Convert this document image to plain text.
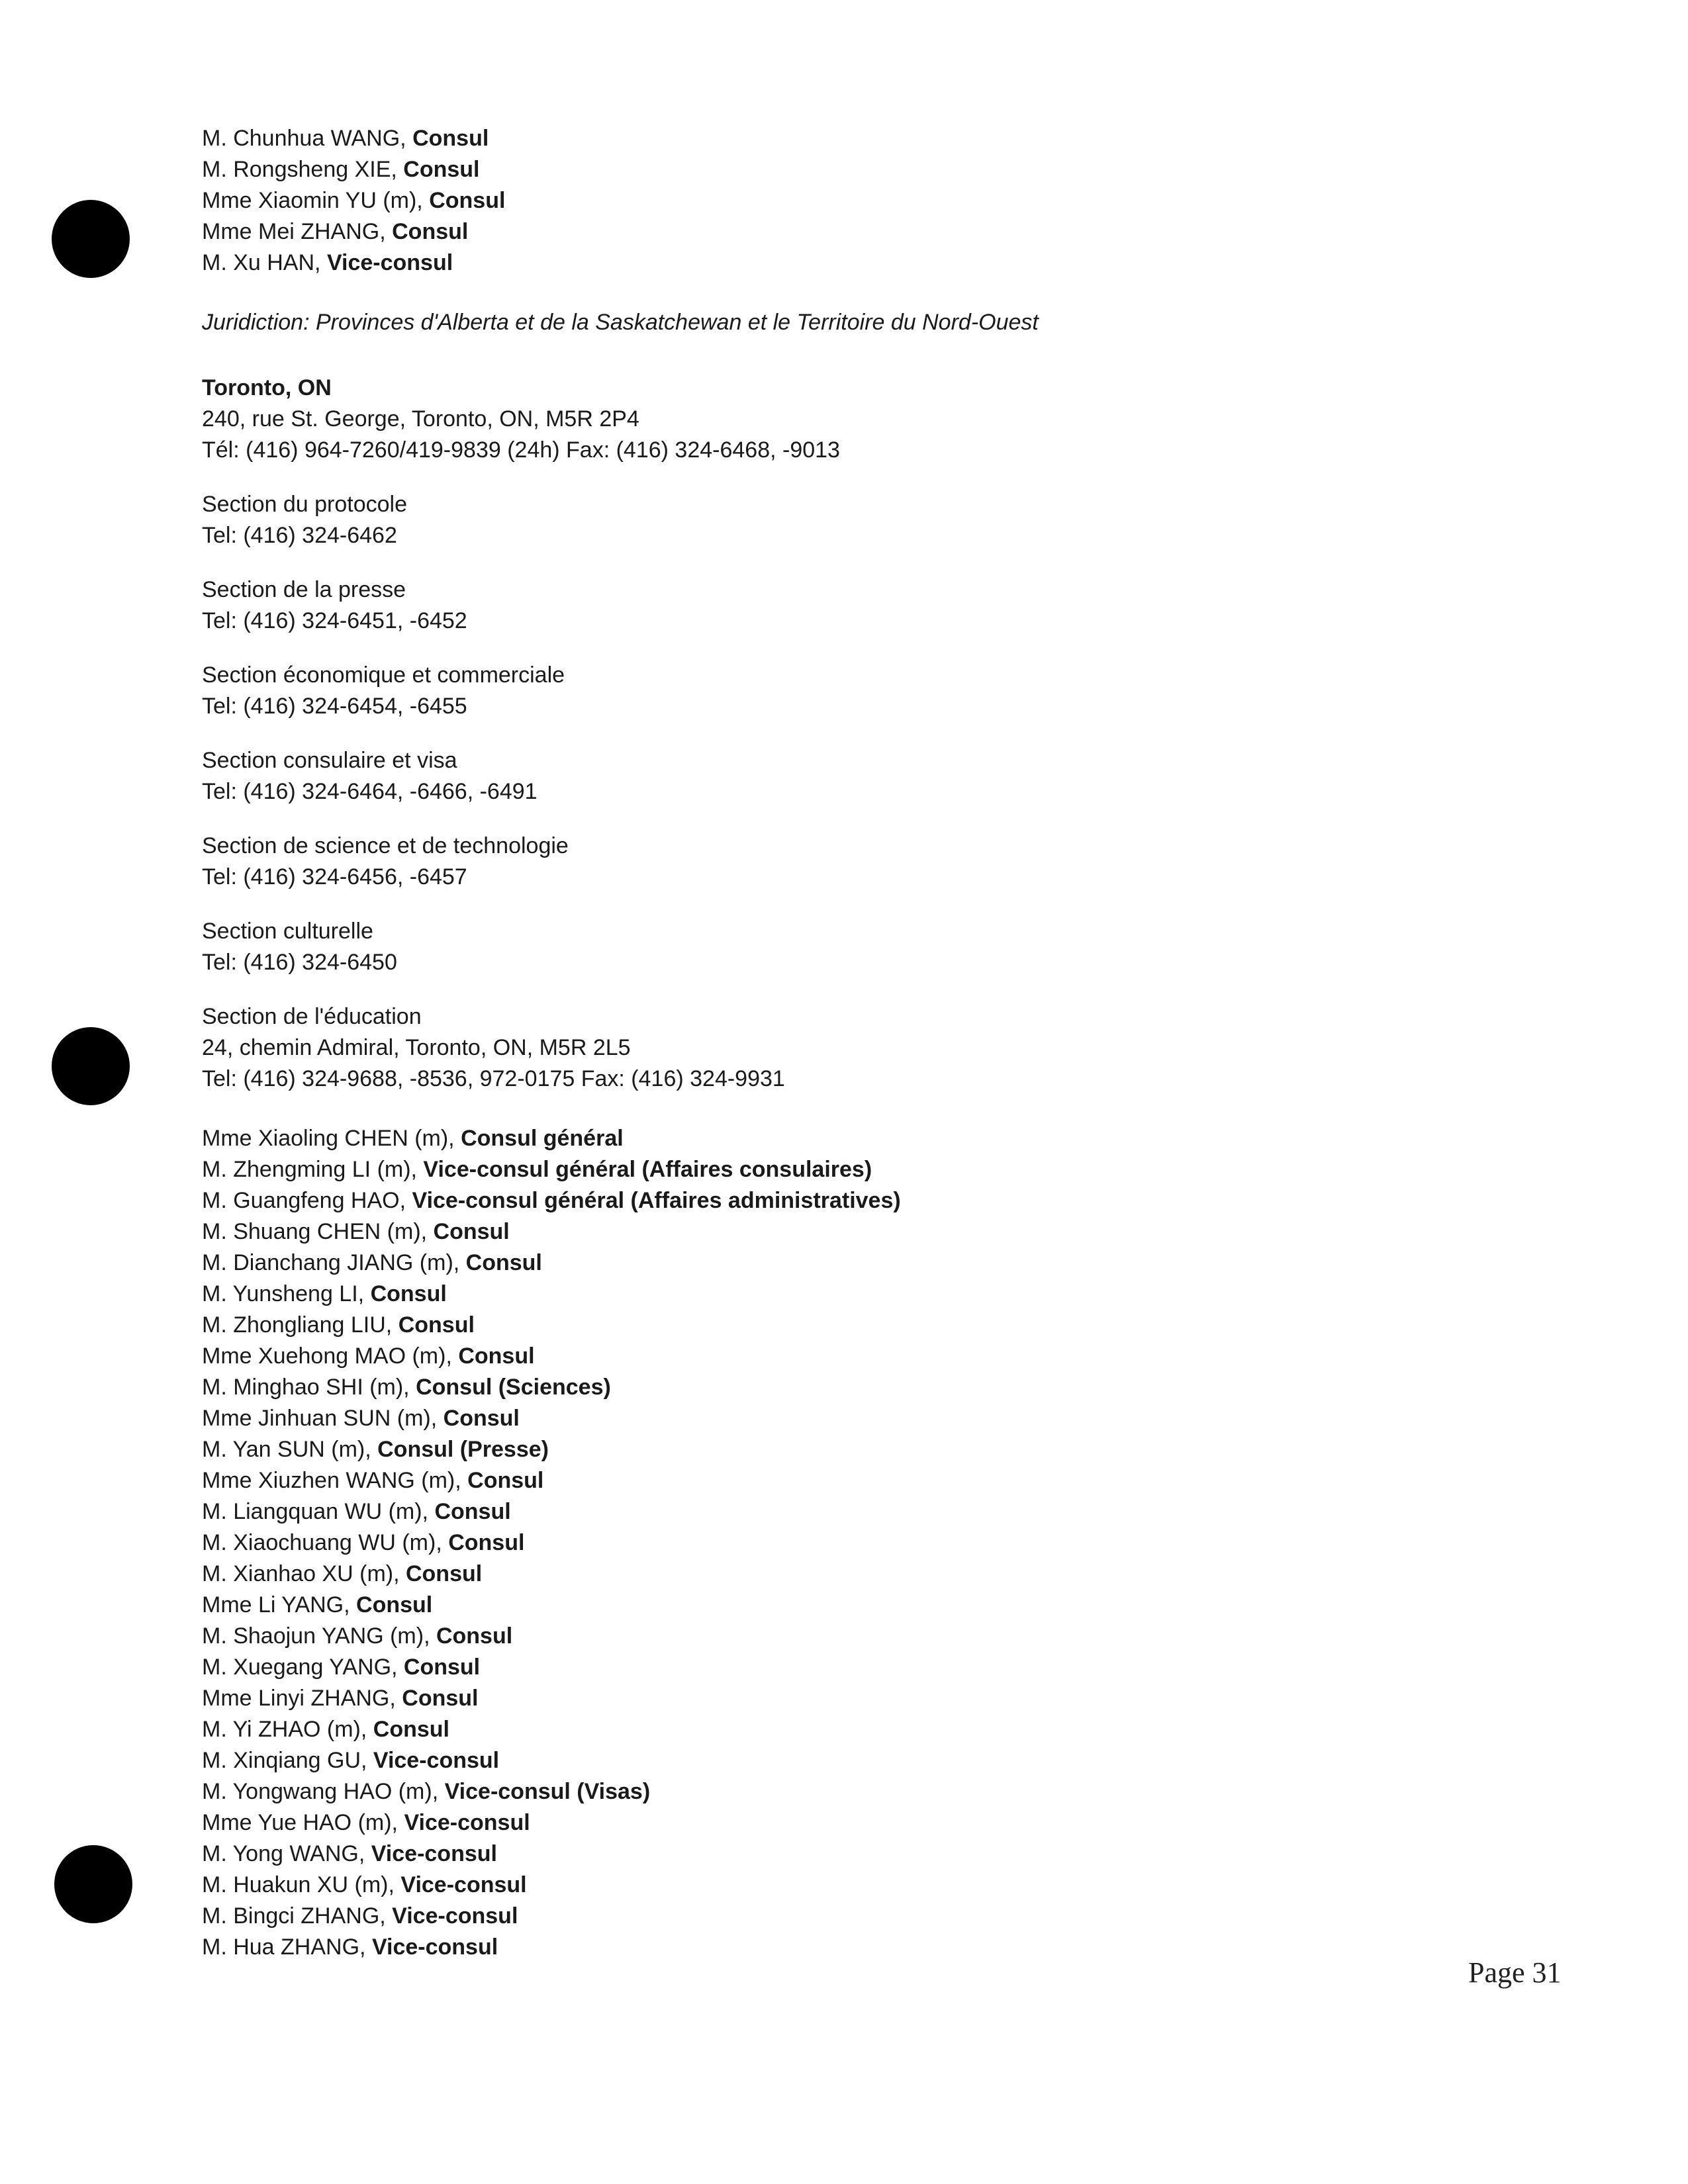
M. Chunhua WANG, Consul
M. Rongsheng XIE, Consul
Mme Xiaomin YU (m), Consul
Mme Mei ZHANG, Consul
M. Xu HAN, Vice-consul
Juridiction: Provinces d'Alberta et de la Saskatchewan et le Territoire du Nord-Ouest
Toronto, ON
240, rue St. George, Toronto, ON, M5R 2P4
Tél: (416) 964-7260/419-9839 (24h) Fax: (416) 324-6468, -9013
Section du protocole
Tel: (416) 324-6462
Section de la presse
Tel: (416) 324-6451, -6452
Section économique et commerciale
Tel: (416) 324-6454, -6455
Section consulaire et visa
Tel: (416) 324-6464, -6466, -6491
Section de science et de technologie
Tel: (416) 324-6456, -6457
Section culturelle
Tel: (416) 324-6450
Section de l'éducation
24, chemin Admiral, Toronto, ON, M5R 2L5
Tel: (416) 324-9688, -8536, 972-0175 Fax: (416) 324-9931
Mme Xiaoling CHEN (m), Consul général
M. Zhengming LI (m), Vice-consul général (Affaires consulaires)
M. Guangfeng HAO, Vice-consul général (Affaires administratives)
M. Shuang CHEN (m), Consul
M. Dianchang JIANG (m), Consul
M. Yunsheng LI, Consul
M. Zhongliang LIU, Consul
Mme Xuehong MAO (m), Consul
M. Minghao SHI (m), Consul (Sciences)
Mme Jinhuan SUN (m), Consul
M. Yan SUN (m), Consul (Presse)
Mme Xiuzhen WANG (m), Consul
M. Liangquan WU (m), Consul
M. Xiaochuang WU (m), Consul
M. Xianhao XU (m), Consul
Mme Li YANG, Consul
M. Shaojun YANG (m), Consul
M. Xuegang YANG, Consul
Mme Linyi ZHANG, Consul
M. Yi ZHAO (m), Consul
M. Xinqiang GU, Vice-consul
M. Yongwang HAO (m), Vice-consul (Visas)
Mme Yue HAO (m), Vice-consul
M. Yong WANG, Vice-consul
M. Huakun XU (m), Vice-consul
M. Bingci ZHANG, Vice-consul
M. Hua ZHANG, Vice-consul
Page 31
